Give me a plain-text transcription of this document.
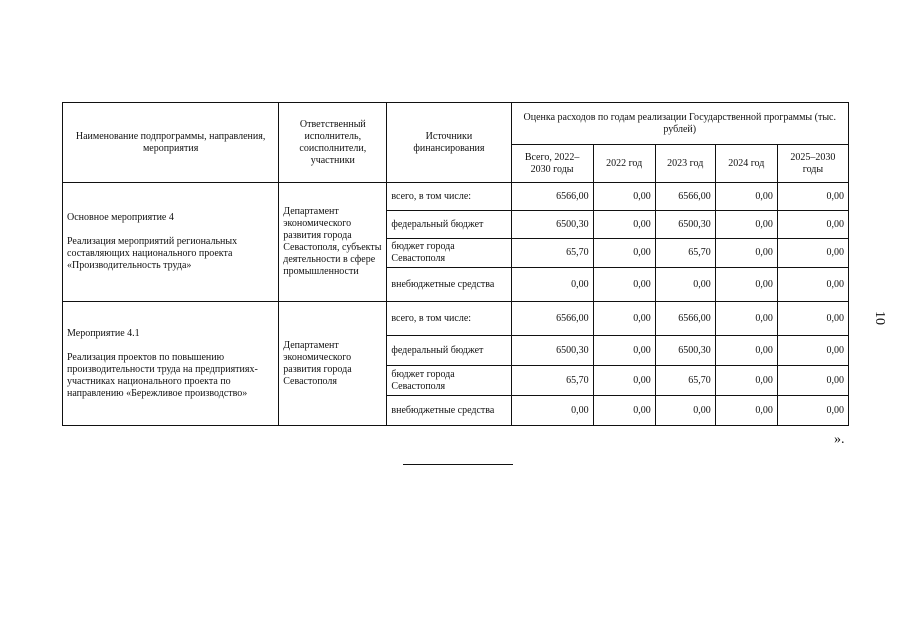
Наименование подпрограммы, направления, мероприятия	Ответственный исполнитель, соисполнители, участники	Источники финансирования	Оценка расходов по годам реализации Государственной программы (тыс. рублей)				
			Всего, 2022–2030 годы	2022 год	2023 год	2024 год	2025–2030 годы

Основное мероприятие 4

Реализация мероприятий региональных составляющих национального проекта «Производительность труда»	Департамент экономического развития города Севастополя, субъекты деятельности в сфере промышленности	всего, в том числе:	6566,00	0,00	6566,00	0,00	0,00
		федеральный бюджет	6500,30	0,00	6500,30	0,00	0,00
		бюджет города Севастополя	65,70	0,00	65,70	0,00	0,00
		внебюджетные средства	0,00	0,00	0,00	0,00	0,00

Мероприятие 4.1

Реализация проектов по повышению производительности труда на предприятиях-участниках национального проекта по направлению «Бережливое производство»	Департамент экономического развития города Севастополя	всего, в том числе:	6566,00	0,00	6566,00	0,00	0,00
		федеральный бюджет	6500,30	0,00	6500,30	0,00	0,00
		бюджет города Севастополя	65,70	0,00	65,70	0,00	0,00
		внебюджетные средства	0,00	0,00	0,00	0,00	0,00
10
».
